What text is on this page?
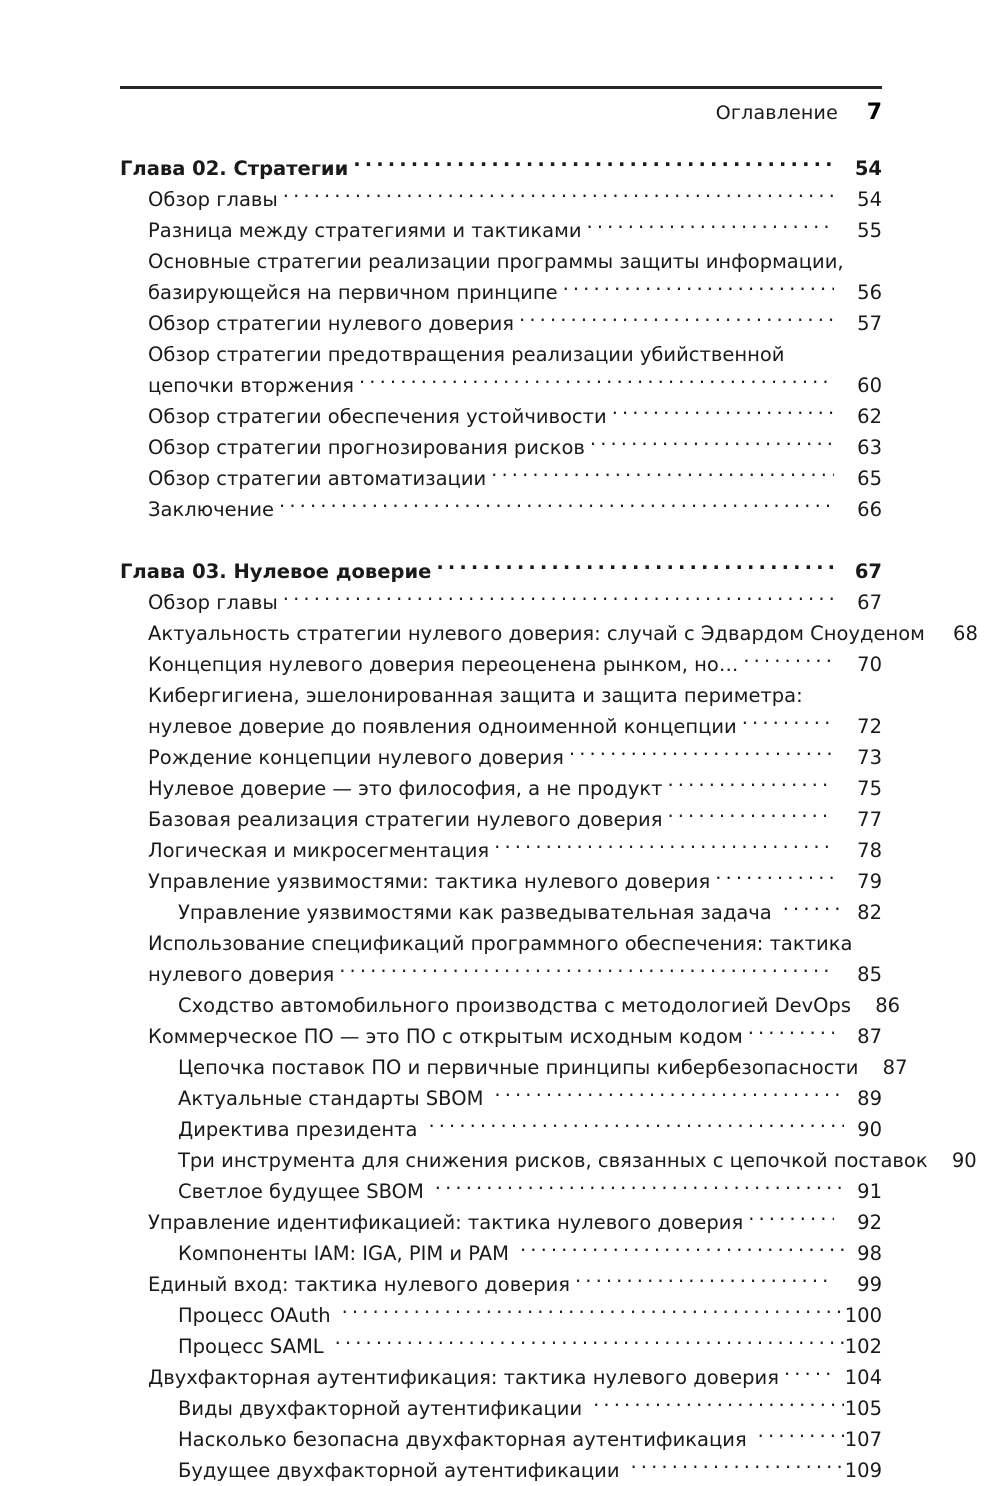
Оглавление 7
Глава 02. Стратегии .....	54
Обзор главы .....	54
Разница между стратегиями и тактиками .....	55
Основные стратегии реализации программы защиты информации,
базирующейся на первичном принципе .....	56
Обзор стратегии нулевого доверия .....	57
Обзор стратегии предотвращения реализации убийственной
цепочки вторжения .....	60
Обзор стратегии обеспечения устойчивости .....	62
Обзор стратегии прогнозирования рисков .....	63
Обзор стратегии автоматизации .....	65
Заключение .....	66
Глава 03. Нулевое доверие .....	67
Обзор главы .....	67
Актуальность стратегии нулевого доверия: случай с Эдвардом Сноуденом	68
Концепция нулевого доверия переоценена рынком, но… .....	70
Кибергигиена, эшелонированная защита и защита периметра:
нулевое доверие до появления одноименной концепции .....	72
Рождение концепции нулевого доверия .....	73
Нулевое доверие — это философия, а не продукт .....	75
Базовая реализация стратегии нулевого доверия .....	77
Логическая и микросегментация .....	78
Управление уязвимостями: тактика нулевого доверия .....	79
Управление уязвимостями как разведывательная задача .....	82
Использование спецификаций программного обеспечения: тактика
нулевого доверия .....	85
Сходство автомобильного производства с методологией DevOps	86
Коммерческое ПО — это ПО с открытым исходным кодом .....	87
Цепочка поставок ПО и первичные принципы кибербезопасности	87
Актуальные стандарты SBOM .....	89
Директива президента .....	90
Три инструмента для снижения рисков, связанных с цепочкой поставок	90
Светлое будущее SBOM .....	91
Управление идентификацией: тактика нулевого доверия .....	92
Компоненты IAM: IGA, PIM и PAM .....	98
Единый вход: тактика нулевого доверия .....	99
Процесс OAuth .....	100
Процесс SAML .....	102
Двухфакторная аутентификация: тактика нулевого доверия .....	104
Виды двухфакторной аутентификации .....	105
Насколько безопасна двухфакторная аутентификация .....	107
Будущее двухфакторной аутентификации .....	109
